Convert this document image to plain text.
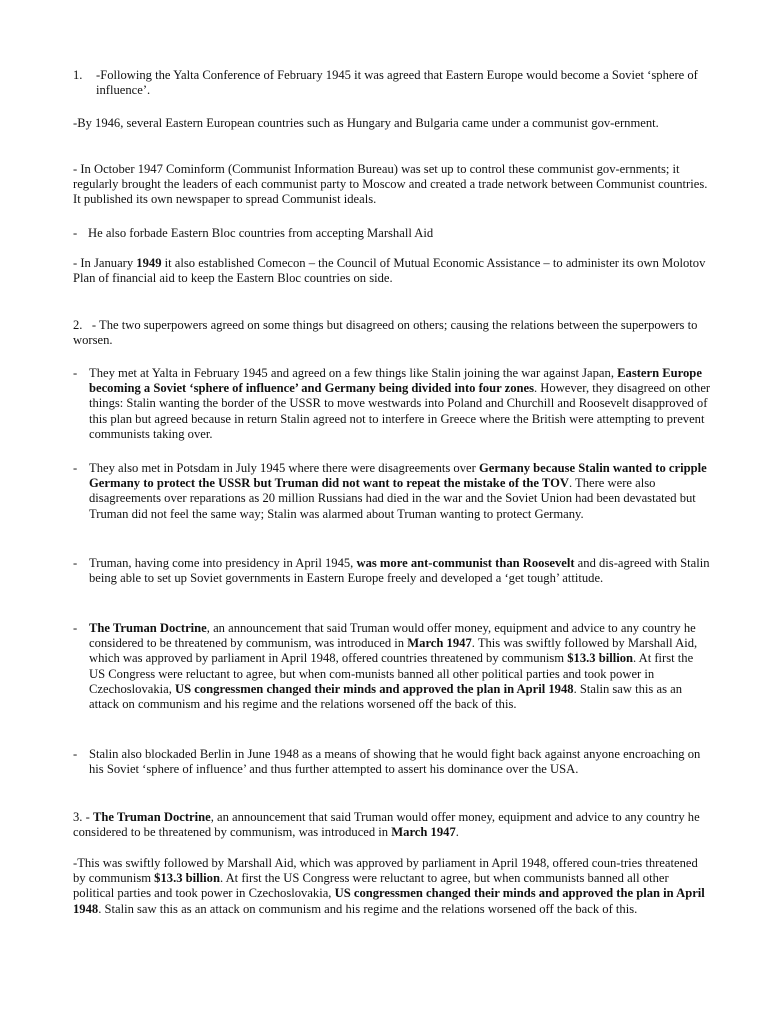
1. -Following the Yalta Conference of February 1945 it was agreed that Eastern Europe would become a Soviet ‘sphere of influence’.

-By 1946, several Eastern European countries such as Hungary and Bulgaria came under a communist gov-ernment.

- In October 1947 Cominform (Communist Information Bureau) was set up to control these communist gov-ernments; it regularly brought the leaders of each communist party to Moscow and created a trade network between Communist countries. It published its own newspaper to spread Communist ideals.

- He also forbade Eastern Bloc countries from accepting Marshall Aid

- In January 1949 it also established Comecon – the Council of Mutual Economic Assistance – to administer its own Molotov Plan of financial aid to keep the Eastern Bloc countries on side.

2.   - The two superpowers agreed on some things but disagreed on others; causing the relations between the superpowers to worsen.

- They met at Yalta in February 1945 and agreed on a few things like Stalin joining the war against Japan, Eastern Europe becoming a Soviet ‘sphere of influence’ and Germany being divided into four zones. However, they disagreed on other things: Stalin wanting the border of the USSR to move westwards into Poland and Churchill and Roosevelt disapproved of this plan but agreed because in return Stalin agreed not to interfere in Greece where the British were attempting to prevent communists taking over.

- They also met in Potsdam in July 1945 where there were disagreements over Germany because Stalin wanted to cripple Germany to protect the USSR but Truman did not want to repeat the mistake of the TOV. There were also disagreements over reparations as 20 million Russians had died in the war and the Soviet Union had been devastated but Truman did not feel the same way; Stalin was alarmed about Truman wanting to protect Germany.

- Truman, having come into presidency in April 1945, was more ant-communist than Roosevelt and dis-agreed with Stalin being able to set up Soviet governments in Eastern Europe freely and developed a ‘get tough’ attitude.

- The Truman Doctrine, an announcement that said Truman would offer money, equipment and advice to any country he considered to be threatened by communism, was introduced in March 1947. This was swiftly followed by Marshall Aid, which was approved by parliament in April 1948, offered countries threatened by communism $13.3 billion. At first the US Congress were reluctant to agree, but when com-munists banned all other political parties and took power in Czechoslovakia, US congressmen changed their minds and approved the plan in April 1948. Stalin saw this as an attack on communism and his regime and the relations worsened off the back of this.

- Stalin also blockaded Berlin in June 1948 as a means of showing that he would fight back against anyone encroaching on his Soviet ‘sphere of influence’ and thus further attempted to assert his dominance over the USA.

3. - The Truman Doctrine, an announcement that said Truman would offer money, equipment and advice to any country he considered to be threatened by communism, was introduced in March 1947.

-This was swiftly followed by Marshall Aid, which was approved by parliament in April 1948, offered coun-tries threatened by communism $13.3 billion. At first the US Congress were reluctant to agree, but when communists banned all other political parties and took power in Czechoslovakia, US congressmen changed their minds and approved the plan in April 1948. Stalin saw this as an attack on communism and his regime and the relations worsened off the back of this.
